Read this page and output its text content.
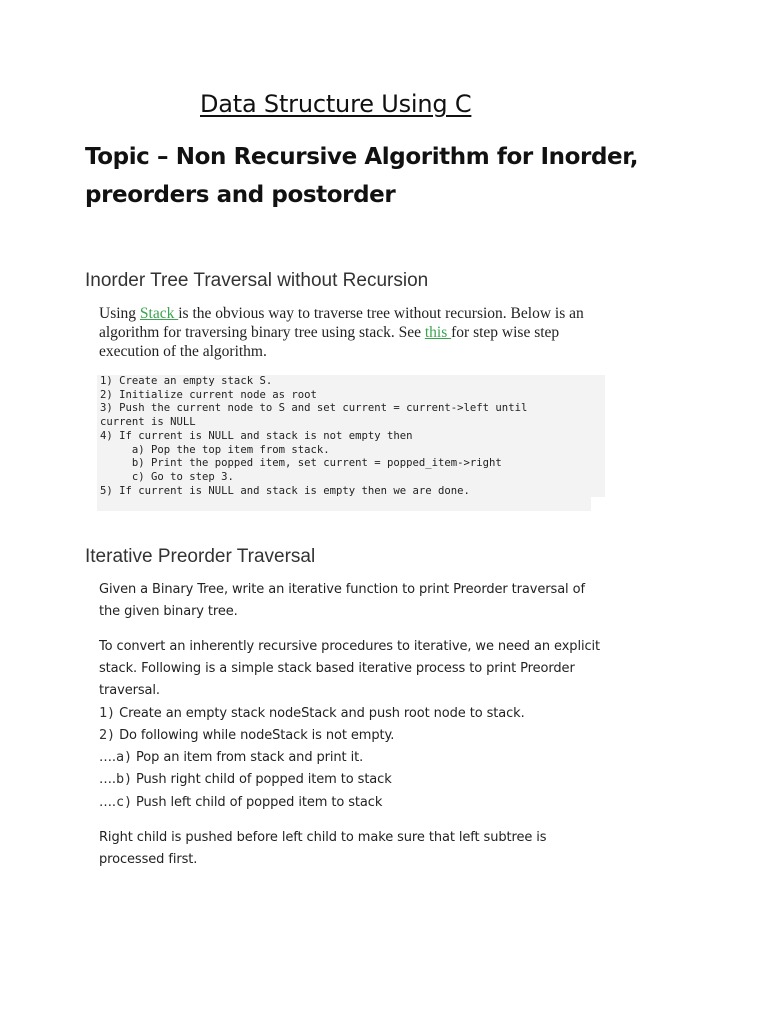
Data Structure Using C
Topic – Non Recursive Algorithm for Inorder, preorders and postorder
Inorder Tree Traversal without Recursion

Using Stack is the obvious way to traverse tree without recursion. Below is an algorithm for traversing binary tree using stack. See this for step wise step execution of the algorithm.

1) Create an empty stack S.
2) Initialize current node as root
3) Push the current node to S and set current = current->left until
current is NULL
4) If current is NULL and stack is not empty then
a) Pop the top item from stack.
b) Print the popped item, set current = popped_item->right
c) Go to step 3.
5) If current is NULL and stack is empty then we are done.
Iterative Preorder Traversal

Given a Binary Tree, write an iterative function to print Preorder traversal of the given binary tree.

To convert an inherently recursive procedures to iterative, we need an explicit stack. Following is a simple stack based iterative process to print Preorder traversal.

1) Create an empty stack nodeStack and push root node to stack.
2) Do following while nodeStack is not empty.
….a) Pop an item from stack and print it.
….b) Push right child of popped item to stack
….c) Push left child of popped item to stack

Right child is pushed before left child to make sure that left subtree is processed first.
